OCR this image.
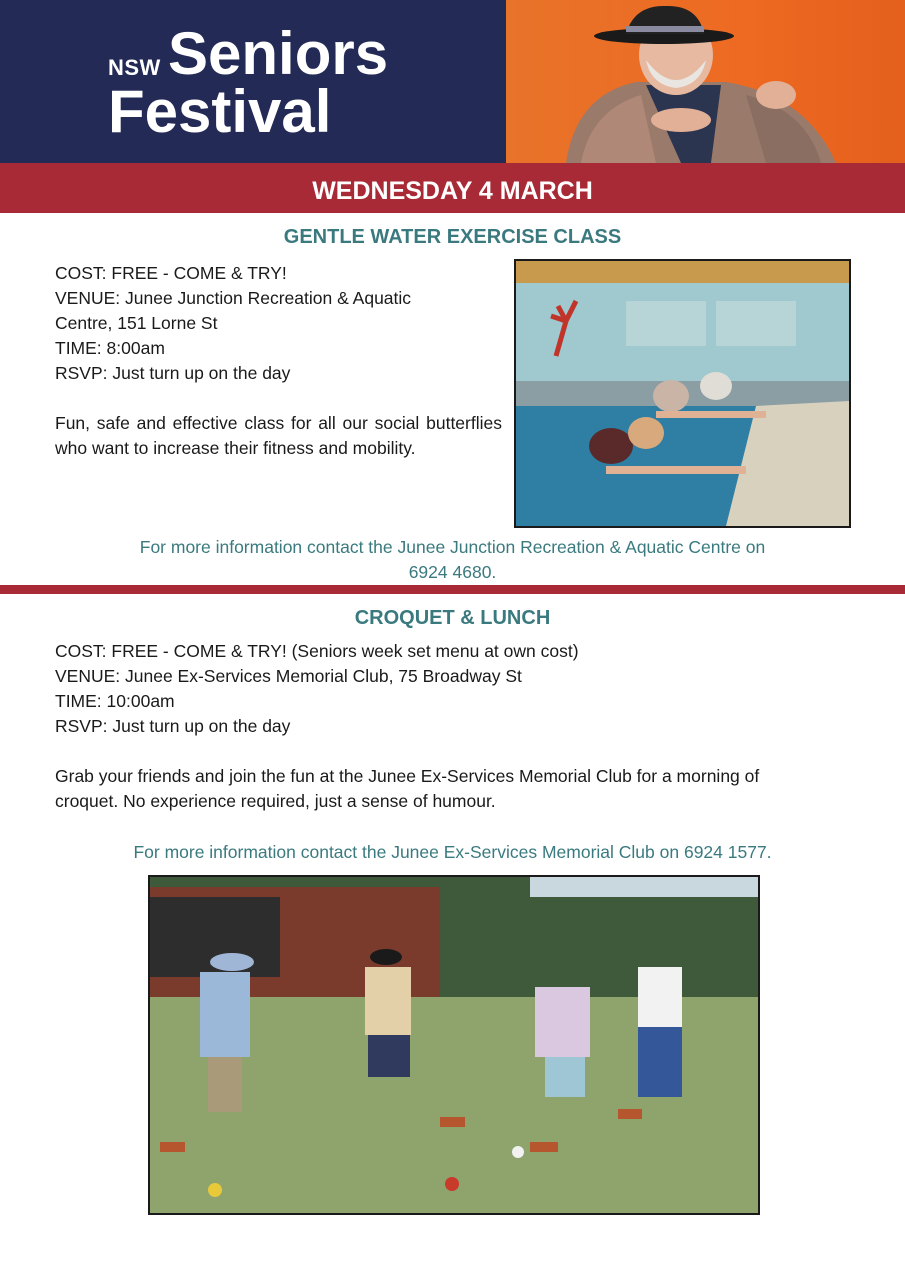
NSW Seniors
Festival
WEDNESDAY 4 MARCH
GENTLE WATER EXERCISE CLASS
COST: FREE - COME & TRY!
VENUE: Junee Junction Recreation & Aquatic
Centre, 151 Lorne St
TIME: 8:00am
RSVP: Just turn up on the day
Fun, safe and effective class for all our social butterflies who want to increase their fitness and mobility.
For more information contact the Junee Junction Recreation & Aquatic Centre on
6924 4680.
CROQUET & LUNCH
COST: FREE - COME & TRY! (Seniors week set menu at own cost)
VENUE: Junee Ex-Services Memorial Club, 75 Broadway St
TIME: 10:00am
RSVP: Just turn up on the day
Grab your friends and join the fun at the Junee Ex-Services Memorial Club for a morning of
croquet. No experience required, just a sense of humour.
For more information contact the Junee Ex-Services Memorial Club on 6924 1577.
